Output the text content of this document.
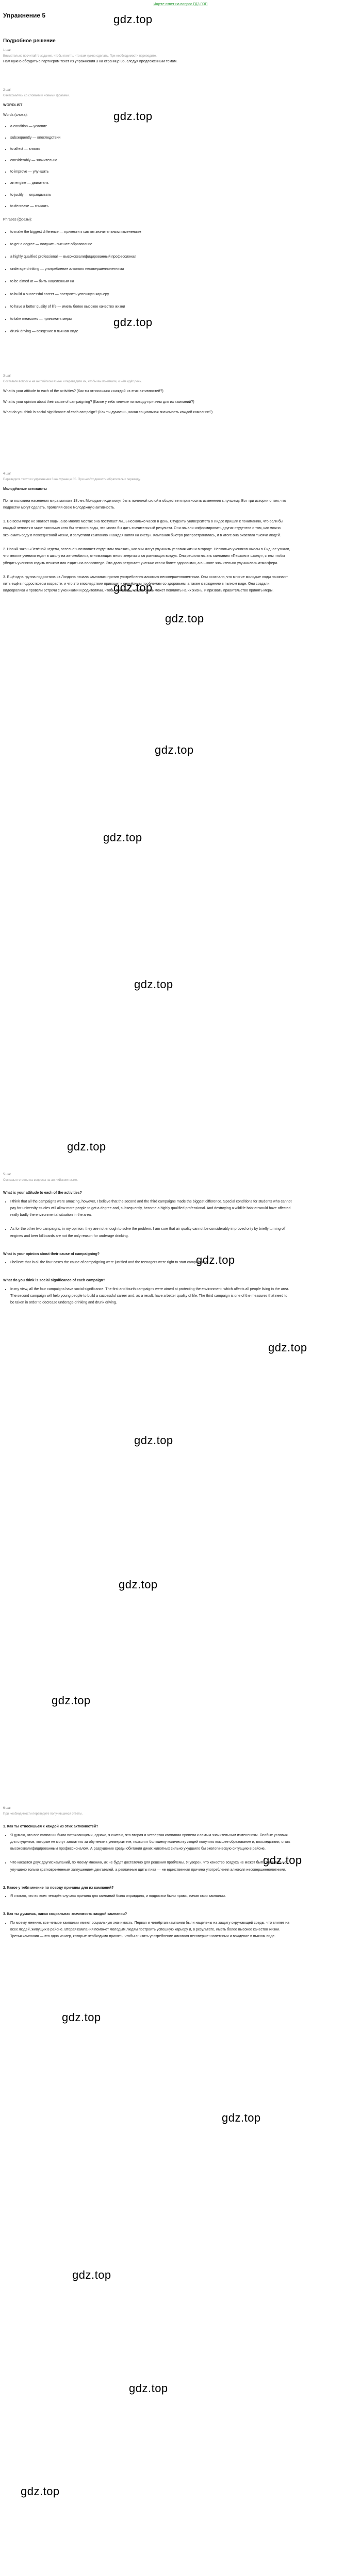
Ищете ответ на вопрос ГДЗ ГОП
gdz.top
gdz.top
gdz.top
gdz.top
gdz.top
gdz.top
gdz.top
gdz.top
gdz.top
gdz.top
gdz.top
gdz.top
gdz.top
gdz.top
gdz.top
gdz.top
gdz.top
gdz.top
gdz.top
gdz.top
Упражнение 5
Подробное решение
1 шаг
Внимательно прочитайте задание, чтобы понять, что вам нужно сделать. При необходимости переведите.
Нам нужно обсудить с партнёром текст из упражнения 3 на странице 85, следуя предложенным темам.
2 шаг
Ознакомьтесь со словами и новыми фразами.
WORDLIST
Words (слова):
• a condition — условие
• subsequently — впоследствии
• to affect — влиять
• considerably — значительно
• to improve — улучшать
• an engine — двигатель
• to justify — оправдывать
• to decrease — снижать
Phrases (фразы):
• to make the biggest difference — привести к самым значительным изменениям
• to get a degree — получить высшее образование
• a highly qualified professional — высококвалифицированный профессионал
• underage drinking — употребление алкоголя несовершеннолетними
• to be aimed at — быть нацеленным на
• to build a successful career — построить успешную карьеру
• to have a better quality of life — иметь более высокое качество жизни
• to take measures — принимать меры
• drunk driving — вождение в пьяном виде
3 шаг
Составьте вопросы на английском языке и переведите их, чтобы вы понимали, о чём идёт речь.
What is your attitude to each of the activities? (Как ты относишься к каждой из этих активностей?)
What is your opinion about their cause of campaigning? (Какое у тебя мнение по поводу причины для их кампаний?)
What do you think is social significance of each campaign? (Как ты думаешь, какая социальная значимость каждой кампании?)
4 шаг
Переведите текст из упражнения 3 на странице 85. При необходимости обратитесь к переводу.
Молодёжные активисты
Почти половина населения мира моложе 18 лет. Молодые люди могут быть полезной силой в обществе и привносить изменения к лучшему. Вот три истории о том, что подростки могут сделать, проявляя свою молодёжную активность.
1. Во всём мире не хватает воды, а во многих местах она поступает лишь несколько часов в день. Студенты университета в Лидсе пришли к пониманию, что если бы каждый человек в мире экономил хотя бы немного воды, это могло бы дать значительный результат. Они начали информировать других студентов о том, как можно экономить воду в повседневной жизни, и запустили кампанию «Каждая капля на счету». Кампания быстро распространилась, и в итоге она охватила тысячи людей.
2. Новый закон «Зелёной недели, веселье!» позволяет студентам показать, как они могут улучшить условия жизни в городе. Несколько учеников школы в Сиднее узнали, что многие ученики ездят в школу на автомобилях, отнимающих много энергии и загрязняющих воздух. Они решили начать кампанию «Пешком в школу», с тем чтобы убедить учеников ходить пешком или ездить на велосипеде. Это дало результат: ученики стали более здоровыми, а в школе значительно улучшилась атмосфера.
3. Ещё одна группа подростков из Лондона начала кампанию против употребления алкоголя несовершеннолетними. Они осознали, что многие молодые люди начинают пить ещё в подростковом возрасте, и что это впоследствии приводит к серьёзным проблемам со здоровьем, а также к вождению в пьяном виде. Они создали видеоролики и провели встречи с учениками и родителями, чтобы показать, как алкоголь может повлиять на их жизнь, и призвать правительство принять меры.
5 шаг
Составьте ответы на вопросы на английском языке.
What is your attitude to each of the activities?
• I think that all the campaigns were amazing, however, I believe that the second and the third campaigns made the biggest difference. Special conditions for students who cannot pay for university studies will allow more people to get a degree and, subsequently, become a highly qualified professional. And destroying a wildlife habitat would have affected really badly the environmental situation in the area.
• As for the other two campaigns, in my opinion, they are not enough to solve the problem. I am sure that air quality cannot be considerably improved only by briefly turning off engines and beer billboards are not the only reason for underage drinking.
What is your opinion about their cause of campaigning?
• I believe that in all the four cases the cause of campaigning were justified and the teenagers were right to start campaigning.
What do you think is social significance of each campaign?
• In my view, all the four campaigns have social significance. The first and fourth campaigns were aimed at protecting the environment, which affects all people living in the area. The second campaign will help young people to build a successful career and, as a result, have a better quality of life. The third campaign is one of the measures that need to be taken in order to decrease underage drinking and drunk driving.
6 шаг
При необходимости переведите получившиеся ответы.
1. Как ты относишься к каждой из этих активностей?
• Я думаю, что все кампании были потрясающими, однако, я считаю, что вторая и четвёртая кампании привели к самым значительным изменениям. Особые условия для студентов, которые не могут заплатить за обучение в университете, позволят большему количеству людей получить высшее образование и, впоследствии, стать высококвалифицированным профессионалом. А разрушение среды обитания диких животных сильно ухудшило бы экологическую ситуацию в районе.
• Что касается двух других кампаний, по моему мнению, их не будет достаточно для решения проблемы. Я уверен, что качество воздуха не может быть значительно улучшено только кратковременным заглушением двигателей, а рекламные щиты пива — не единственная причина употребления алкоголя несовершеннолетними.
2. Какое у тебя мнение по поводу причины для их кампаний?
• Я считаю, что во всех четырёх случаях причина для кампаний была оправдана, и подростки были правы, начав свои кампании.
3. Как ты думаешь, какая социальная значимость каждой кампании?
• По моему мнению, все четыре кампании имеют социальную значимость. Первая и четвёртая кампании были нацелены на защиту окружающей среды, что влияет на всех людей, живущих в районе. Вторая кампания поможет молодым людям построить успешную карьеру и, в результате, иметь более высокое качество жизни. Третья кампания — это одна из мер, которые необходимо принять, чтобы снизить употребление алкоголя несовершеннолетними и вождение в пьяном виде.
